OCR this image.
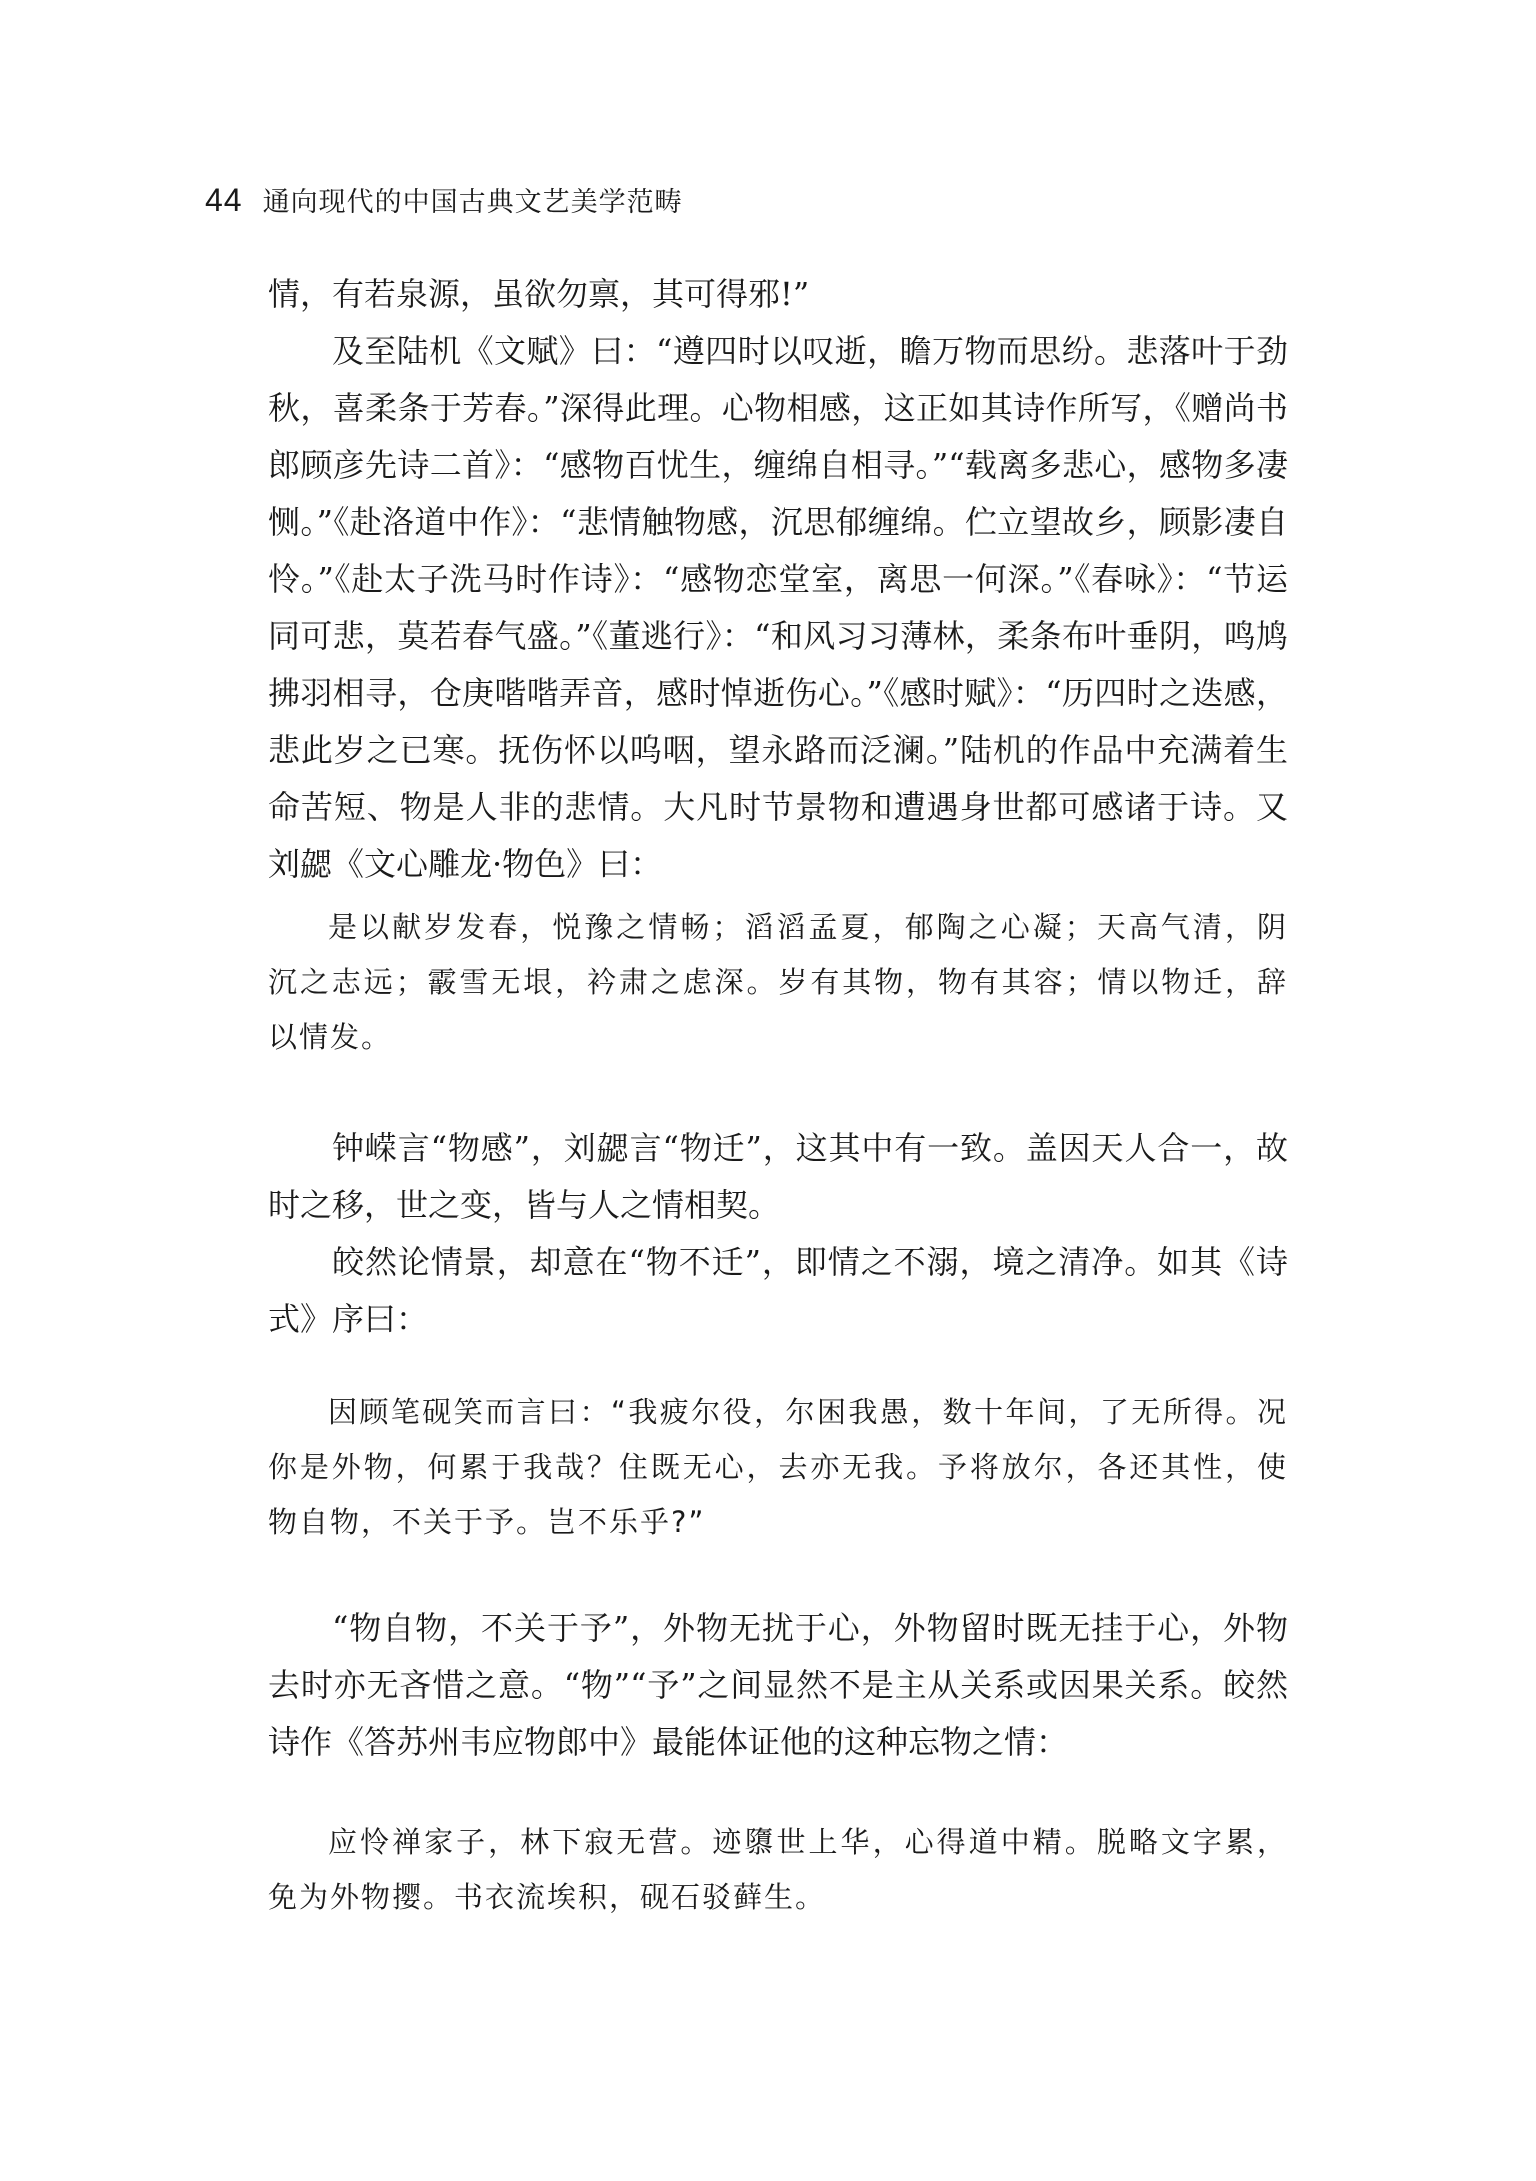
44 通向现代的中国古典文艺美学范畴

情，有若泉源，虽欲勿禀，其可得邪!”

及至陆机《文赋》曰：“遵四时以叹逝，瞻万物而思纷。悲落叶于劲秋，喜柔条于芳春。”深得此理。心物相感，这正如其诗作所写，《赠尚书郎顾彦先诗二首》：“感物百忧生，缠绵自相寻。”“载离多悲心，感物多凄恻。”《赴洛道中作》：“悲情触物感，沉思郁缠绵。伫立望故乡，顾影凄自怜。”《赴太子洗马时作诗》：“感物恋堂室，离思一何深。”《春咏》：“节运同可悲，莫若春气盛。”《董逃行》：“和风习习薄林，柔条布叶垂阴，鸣鸠拂羽相寻，仓庚喈喈弄音，感时悼逝伤心。”《感时赋》：“历四时之迭感，悲此岁之已寒。抚伤怀以呜咽，望永路而泛澜。”陆机的作品中充满着生命苦短、物是人非的悲情。大凡时节景物和遭遇身世都可感诸于诗。又刘勰《文心雕龙·物色》曰：

是以献岁发春，悦豫之情畅；滔滔孟夏，郁陶之心凝；天高气清，阴沉之志远；霰雪无垠，衿肃之虑深。岁有其物，物有其容；情以物迁，辞以情发。

钟嵘言“物感”，刘勰言“物迁”，这其中有一致。盖因天人合一，故时之移，世之变，皆与人之情相契。

皎然论情景，却意在“物不迁”，即情之不溺，境之清净。如其《诗式》序曰：

因顾笔砚笑而言曰：“我疲尔役，尔困我愚，数十年间，了无所得。况你是外物，何累于我哉？住既无心，去亦无我。予将放尔，各还其性，使物自物，不关于予。岂不乐乎?”

“物自物，不关于予”，外物无扰于心，外物留时既无挂于心，外物去时亦无吝惜之意。“物”“予”之间显然不是主从关系或因果关系。皎然诗作《答苏州韦应物郎中》最能体证他的这种忘物之情：

应怜禅家子，林下寂无营。迹隳世上华，心得道中精。脱略文字累，免为外物撄。书衣流埃积，砚石驳藓生。
